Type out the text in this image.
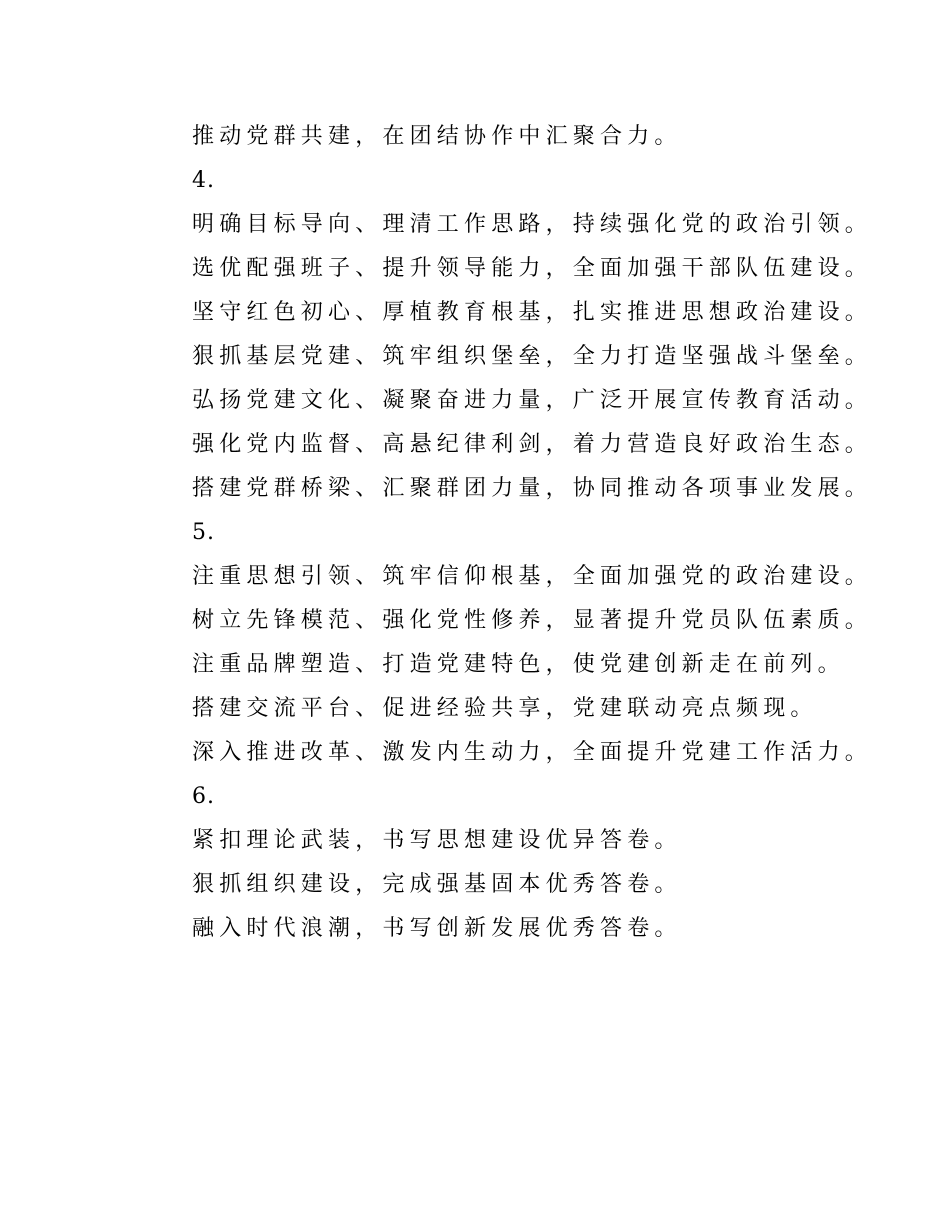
推动党群共建，在团结协作中汇聚合力。
4.
明确目标导向、理清工作思路，持续强化党的政治引领。
选优配强班子、提升领导能力，全面加强干部队伍建设。
坚守红色初心、厚植教育根基，扎实推进思想政治建设。
狠抓基层党建、筑牢组织堡垒，全力打造坚强战斗堡垒。
弘扬党建文化、凝聚奋进力量，广泛开展宣传教育活动。
强化党内监督、高悬纪律利剑，着力营造良好政治生态。
搭建党群桥梁、汇聚群团力量，协同推动各项事业发展。
5.
注重思想引领、筑牢信仰根基，全面加强党的政治建设。
树立先锋模范、强化党性修养，显著提升党员队伍素质。
注重品牌塑造、打造党建特色，使党建创新走在前列。
搭建交流平台、促进经验共享，党建联动亮点频现。
深入推进改革、激发内生动力，全面提升党建工作活力。
6.
紧扣理论武装，书写思想建设优异答卷。
狠抓组织建设，完成强基固本优秀答卷。
融入时代浪潮，书写创新发展优秀答卷。
